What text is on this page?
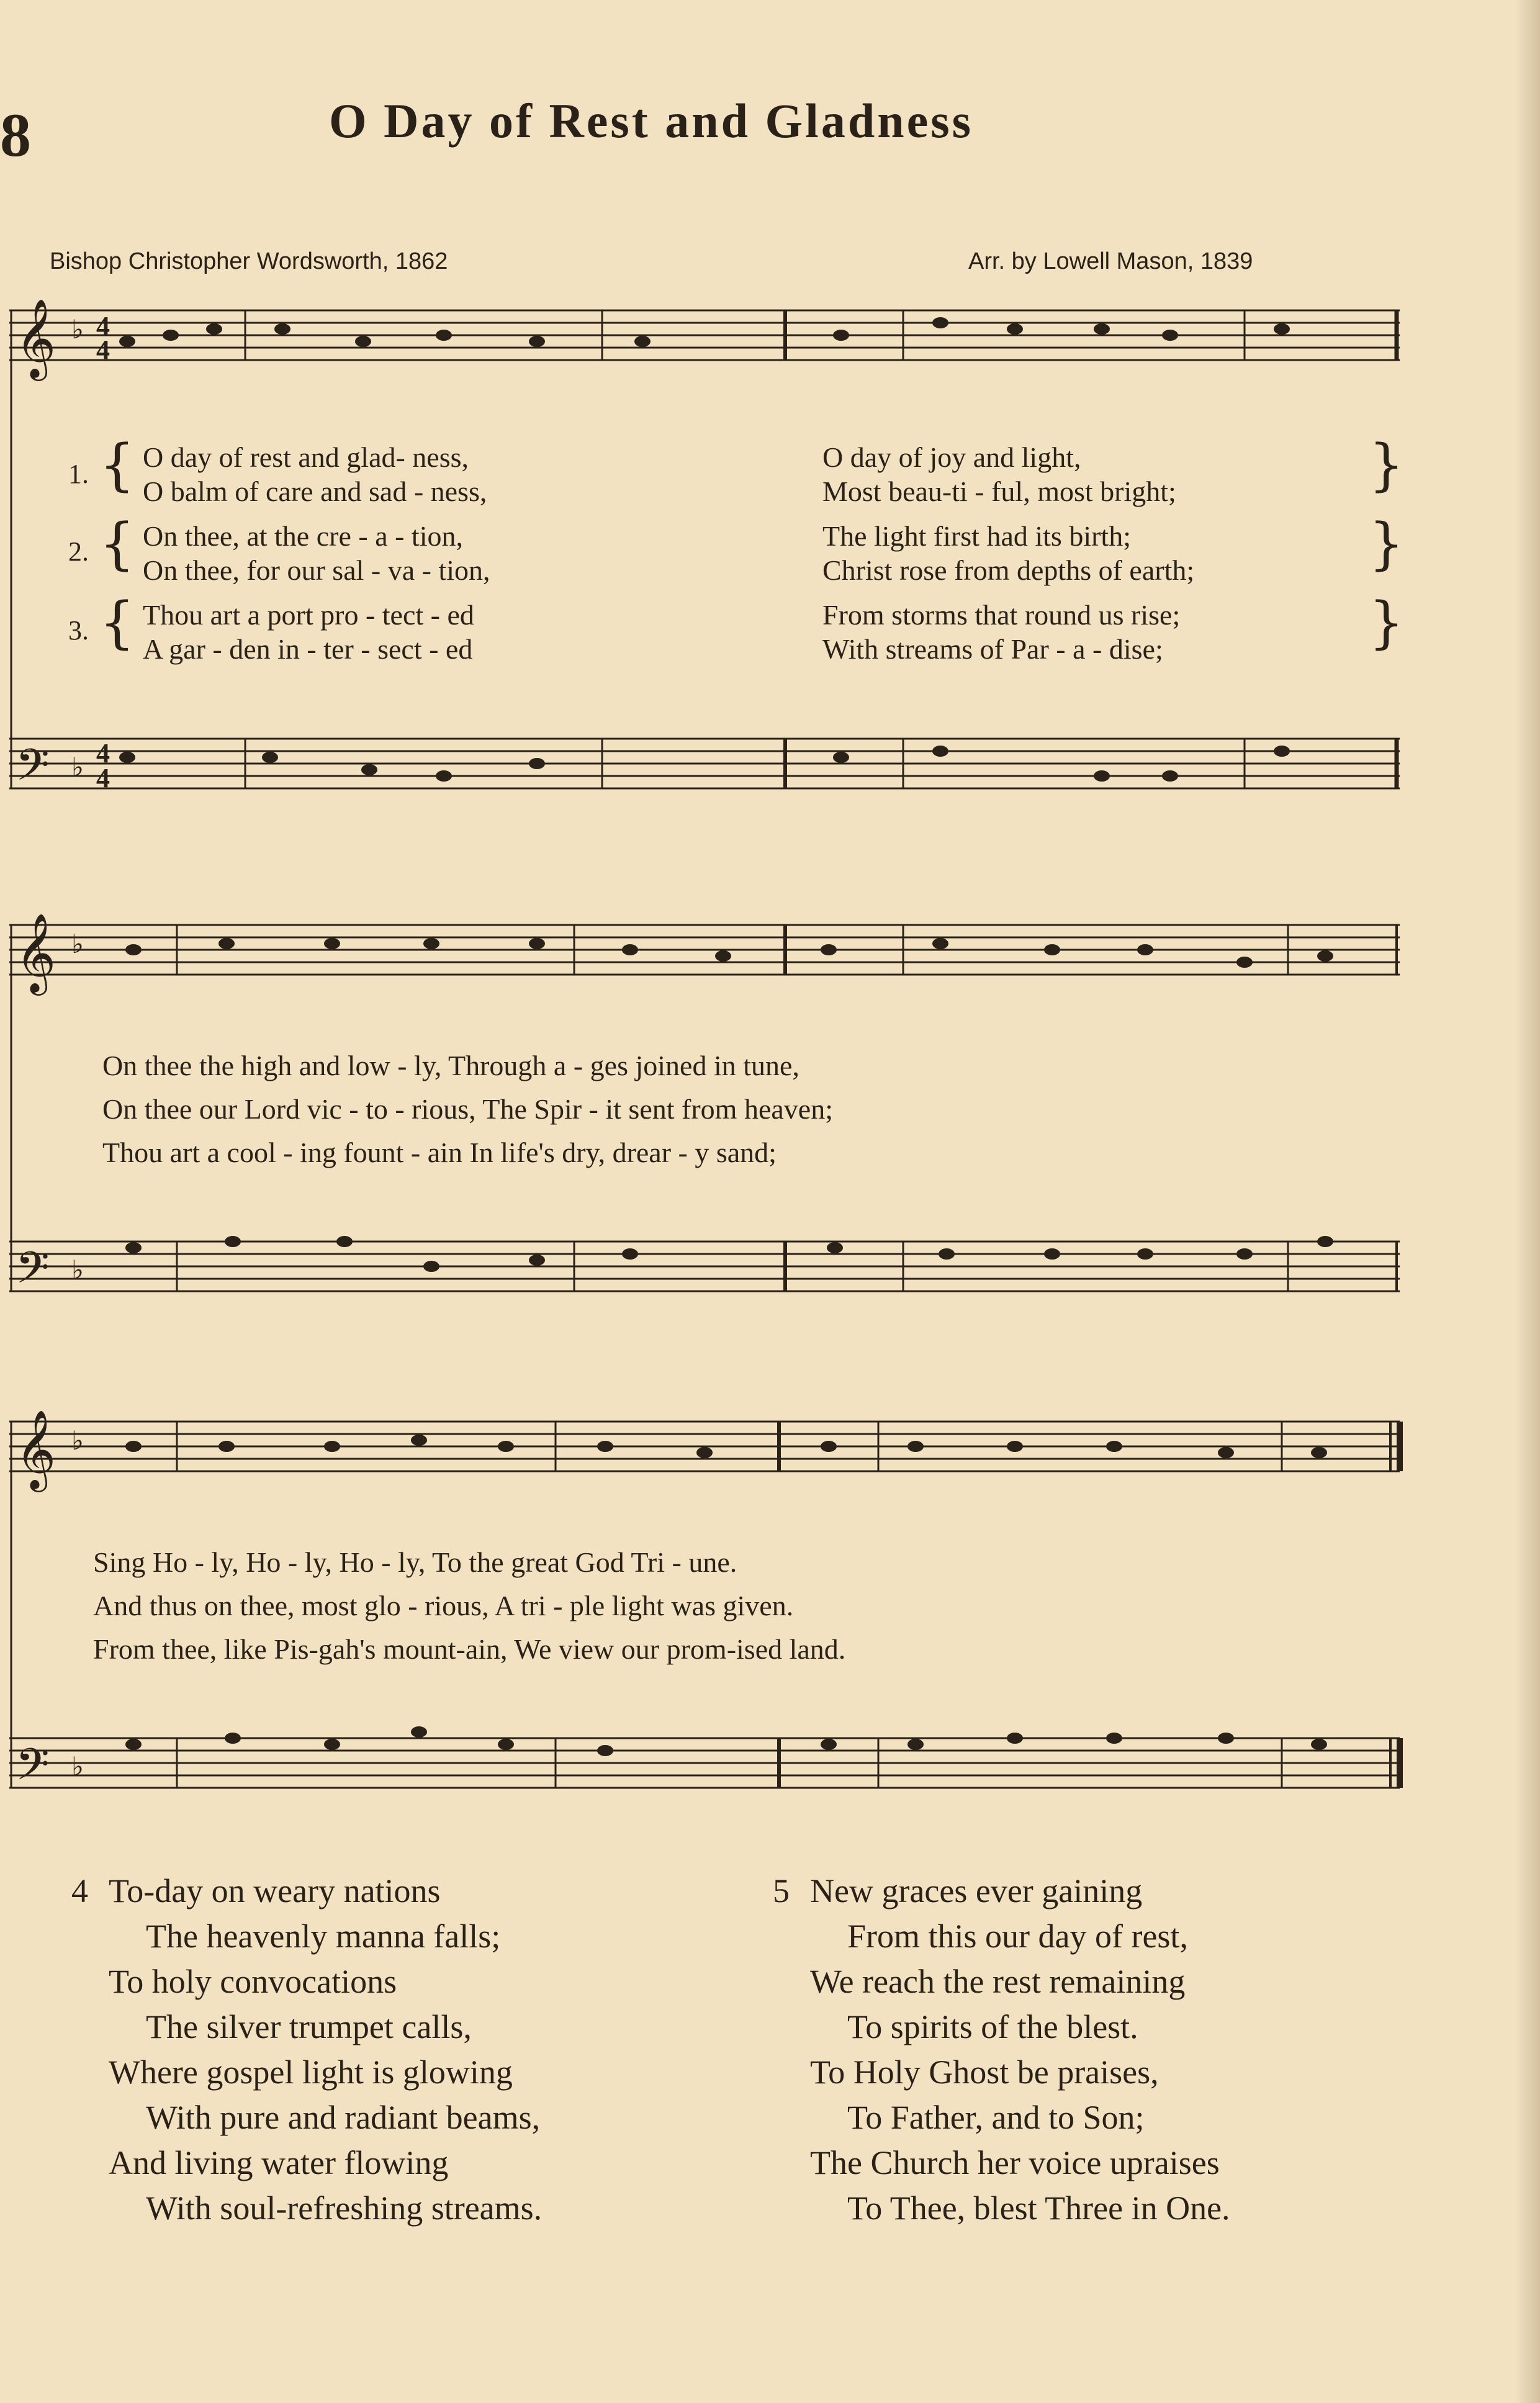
8	O Day of Rest and Gladness
Bishop Christopher Wordsworth, 1862	Arr. by Lowell Mason, 1839
𝄞
𝄢
♭ 4
4
♭ 4
4
1.
2.
3.
{
{
{
O day of rest and glad- ness,
O balm of care and sad - ness,
On thee, at the cre - a - tion,
On thee, for our sal - va - tion,
Thou art a port pro - tect - ed
A gar - den in - ter - sect - ed
O day of joy and light,
Most beau-ti - ful, most bright;
The light first had its birth;
Christ rose from depths of earth;
From storms that round us rise;
With streams of Par - a - dise;
}
}
}
𝄞
𝄢
♭
♭
On thee the high and low - ly, Through a - ges joined in tune,
On thee our Lord vic - to - rious, The Spir - it sent from heaven;
Thou art a cool - ing fount - ain In life's dry, drear - y sand;
𝄞
𝄢
♭
♭
Sing Ho - ly, Ho - ly, Ho - ly, To the great God Tri - une.
And thus on thee, most glo - rious, A tri - ple light was given.
From thee, like Pis-gah's mount-ain, We view our prom-ised land.
4 To-day on weary nations
The heavenly manna falls;
To holy convocations
The silver trumpet calls,
Where gospel light is glowing
With pure and radiant beams,
And living water flowing
With soul-refreshing streams.
5 New graces ever gaining
From this our day of rest,
We reach the rest remaining
To spirits of the blest.
To Holy Ghost be praises,
To Father, and to Son;
The Church her voice upraises
To Thee, blest Three in One.
